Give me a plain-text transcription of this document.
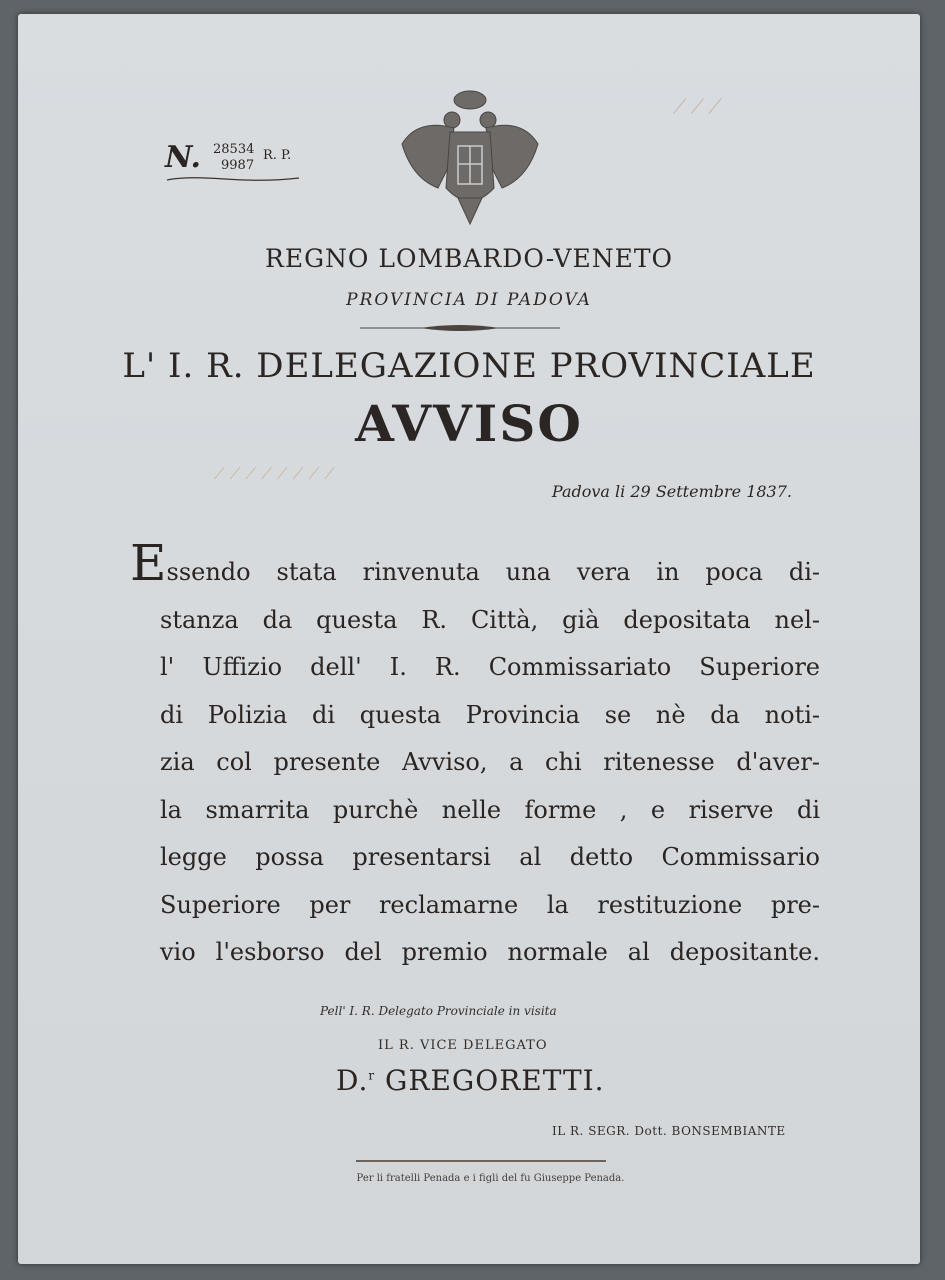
⁄ ⁄ ⁄
⁄ ⁄ ⁄ ⁄ ⁄ ⁄ ⁄ ⁄
N. 28534
9987
R. P.
REGNO LOMBARDO-VENETO
PROVINCIA DI PADOVA
L' I. R. DELEGAZIONE PROVINCIALE
AVVISO
Padova li 29 Settembre 1837.
Essendo stata rinvenuta una vera in poca di-
stanza da questa R. Città, già depositata nel-
l' Uffizio dell' I. R. Commissariato Superiore
di Polizia di questa Provincia se nè da noti-
zia col presente Avviso, a chi ritenesse d'aver-
la smarrita purchè nelle forme , e riserve di
legge possa presentarsi al detto Commissario
Superiore per reclamarne la restituzione pre-
vio l'esborso del premio normale al depositante.
Pell' I. R. Delegato Provinciale in visita
IL R. VICE DELEGATO
D.$^r$ GREGORETTI.
IL R. SEGR. Dott. BONSEMBIANTE
Per li fratelli Penada e i figli del fu Giuseppe Penada.
